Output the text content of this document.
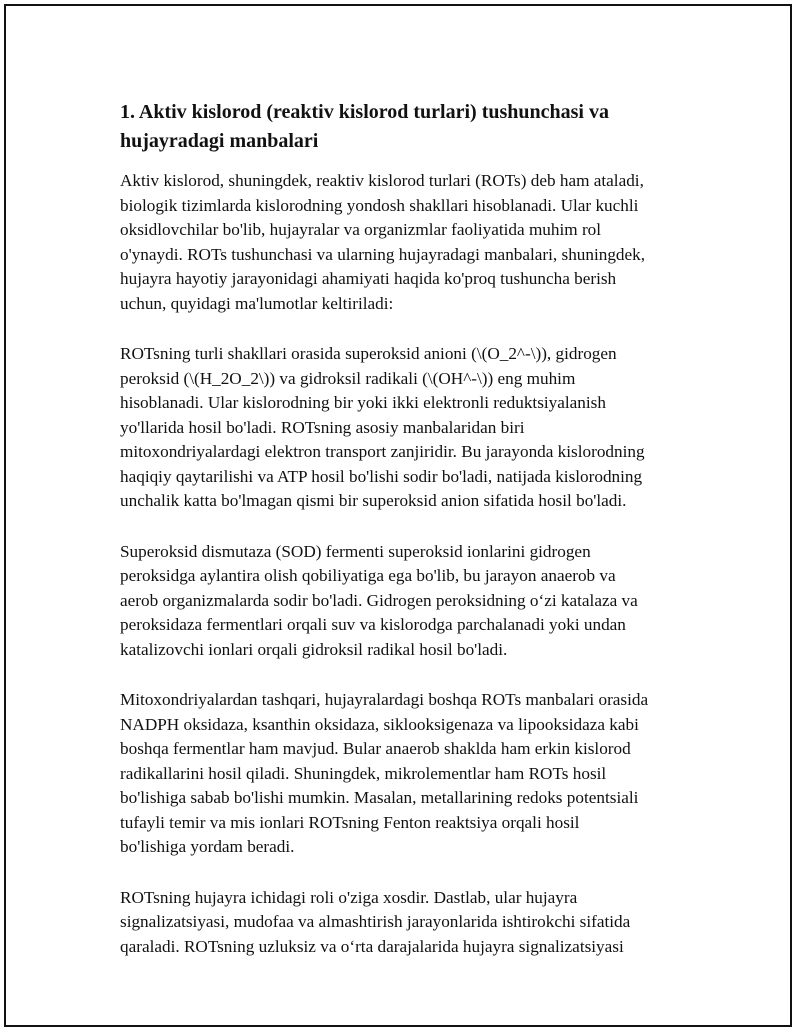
1. Aktiv kislorod (reaktiv kislorod turlari) tushunchasi va hujayradagi manbalari

Aktiv kislorod, shuningdek, reaktiv kislorod turlari (ROTs) deb ham ataladi,
biologik tizimlarda kislorodning yondosh shakllari hisoblanadi. Ular kuchli
oksidlovchilar bo'lib, hujayralar va organizmlar faoliyatida muhim rol
o'ynaydi. ROTs tushunchasi va ularning hujayradagi manbalari, shuningdek,
hujayra hayotiy jarayonidagi ahamiyati haqida ko'proq tushuncha berish
uchun, quyidagi ma'lumotlar keltiriladi:

ROTsning turli shakllari orasida superoksid anioni (\(O_2^-\)), gidrogen
peroksid (\(H_2O_2\)) va gidroksil radikali (\(OH^-\)) eng muhim
hisoblanadi. Ular kislorodning bir yoki ikki elektronli reduktsiyalanish
yo'llarida hosil bo'ladi. ROTsning asosiy manbalaridan biri
mitoxondriyalardagi elektron transport zanjiridir. Bu jarayonda kislorodning
haqiqiy qaytarilishi va ATP hosil bo'lishi sodir bo'ladi, natijada kislorodning
unchalik katta bo'lmagan qismi bir superoksid anion sifatida hosil bo'ladi.

Superoksid dismutaza (SOD) fermenti superoksid ionlarini gidrogen
peroksidga aylantira olish qobiliyatiga ega bo'lib, bu jarayon anaerob va
aerob organizmalarda sodir bo'ladi. Gidrogen peroksidning o‘zi katalaza va
peroksidaza fermentlari orqali suv va kislorodga parchalanadi yoki undan
katalizovchi ionlari orqali gidroksil radikal hosil bo'ladi.

Mitoxondriyalardan tashqari, hujayralardagi boshqa ROTs manbalari orasida
NADPH oksidaza, ksanthin oksidaza, siklooksigenaza va lipooksidaza kabi
boshqa fermentlar ham mavjud. Bular anaerob shaklda ham erkin kislorod
radikallarini hosil qiladi. Shuningdek, mikrolementlar ham ROTs hosil
bo'lishiga sabab bo'lishi mumkin. Masalan, metallarining redoks potentsiali
tufayli temir va mis ionlari ROTsning Fenton reaktsiya orqali hosil
bo'lishiga yordam beradi.

ROTsning hujayra ichidagi roli o'ziga xosdir. Dastlab, ular hujayra
signalizatsiyasi, mudofaa va almashtirish jarayonlarida ishtirokchi sifatida
qaraladi. ROTsning uzluksiz va o‘rta darajalarida hujayra signalizatsiyasi
